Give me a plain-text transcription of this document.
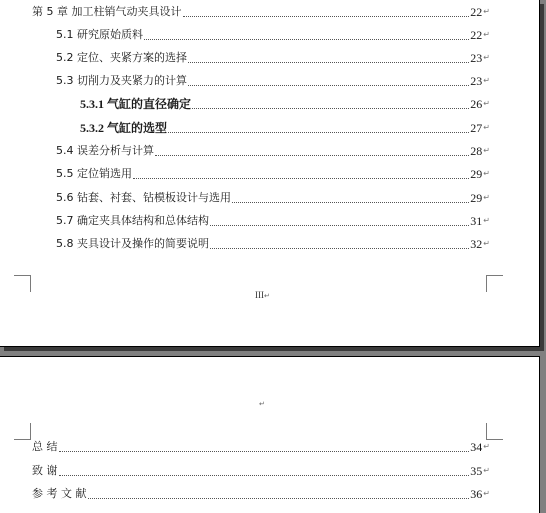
第 5 章 加工柱销气动夹具设计	22 ↵
5.1 研究原始质料	22 ↵
5.2 定位、夹紧方案的选择	23 ↵
5.3 切削力及夹紧力的计算	23 ↵
5.3.1 气缸的直径确定	26 ↵
5.3.2 气缸的选型	27 ↵
5.4 误差分析与计算	28 ↵
5.5 定位销选用	29 ↵
5.6 钻套、衬套、钻模板设计与选用	29 ↵
5.7 确定夹具体结构和总体结构	31 ↵
5.8 夹具设计及操作的简要说明	32 ↵
III↵
↵
总 结	34 ↵
致 谢	35 ↵
参 考 文 献	36 ↵
